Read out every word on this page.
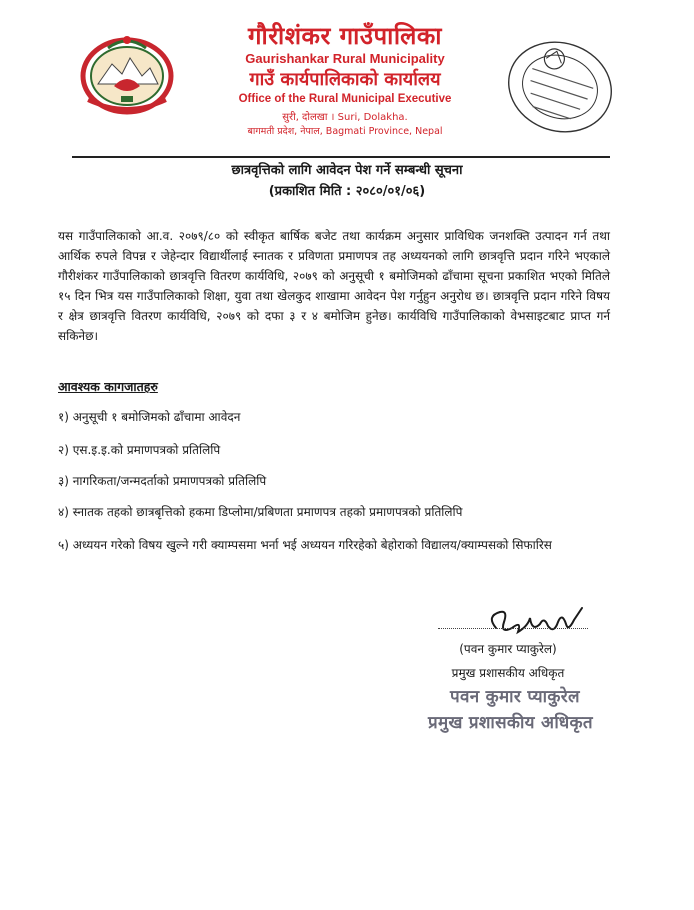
गौरीशंकर गाउँपालिका
Gaurishankar Rural Municipality
गाउँ कार्यपालिकाको कार्यालय
Office of the Rural Municipal Executive
सुरी, दोलखा । Suri, Dolakha.
बागमती प्रदेश, नेपाल, Bagmati Province, Nepal
छात्रवृत्तिको लागि आवेदन पेश गर्ने सम्बन्धी सूचना
(प्रकाशित मिति : २०८०/०१/०६)
यस गाउँपालिकाको आ.व. २०७९/८० को स्वीकृत बार्षिक बजेट तथा कार्यक्रम अनुसार प्राविधिक जनशक्ति उत्पादन गर्न तथा आर्थिक रुपले विपन्न र जेहेन्दार विद्यार्थीलाई स्नातक र प्रविणता प्रमाणपत्र तह अध्ययनको लागि छात्रवृत्ति प्रदान गरिने भएकाले गौरीशंकर गाउँपालिकाको छात्रवृत्ति वितरण कार्यविधि, २०७९ को अनुसूची १ बमोजिमको ढाँचामा सूचना प्रकाशित भएको मितिले १५ दिन भित्र यस गाउँपालिकाको शिक्षा, युवा तथा खेलकुद शाखामा आवेदन पेश गर्नुहुन अनुरोध छ। छात्रवृत्ति प्रदान गरिने विषय र क्षेत्र छात्रवृत्ति वितरण कार्यविधि, २०७९ को दफा ३ र ४ बमोजिम हुनेछ। कार्यविधि गाउँपालिकाको वेभसाइटबाट प्राप्त गर्न सकिनेछ।
आवश्यक कागजातहरु
१) अनुसूची १ बमोजिमको ढाँचामा आवेदन
२) एस.इ.इ.को प्रमाणपत्रको प्रतिलिपि
३) नागरिकता/जन्मदर्ताको प्रमाणपत्रको प्रतिलिपि
४) स्नातक तहको छात्रबृत्तिको हकमा डिप्लोमा/प्रबिणता प्रमाणपत्र तहको प्रमाणपत्रको प्रतिलिपि
५) अध्ययन गरेको विषय खुल्ने गरी क्याम्पसमा भर्ना भई अध्ययन गरिरहेको बेहोराको विद्यालय/क्याम्पसको सिफारिस
(पवन कुमार प्याकुरेल)
प्रमुख प्रशासकीय अधिकृत
पवन कुमार प्याकुरेल
प्रमुख प्रशासकीय अधिकृत
